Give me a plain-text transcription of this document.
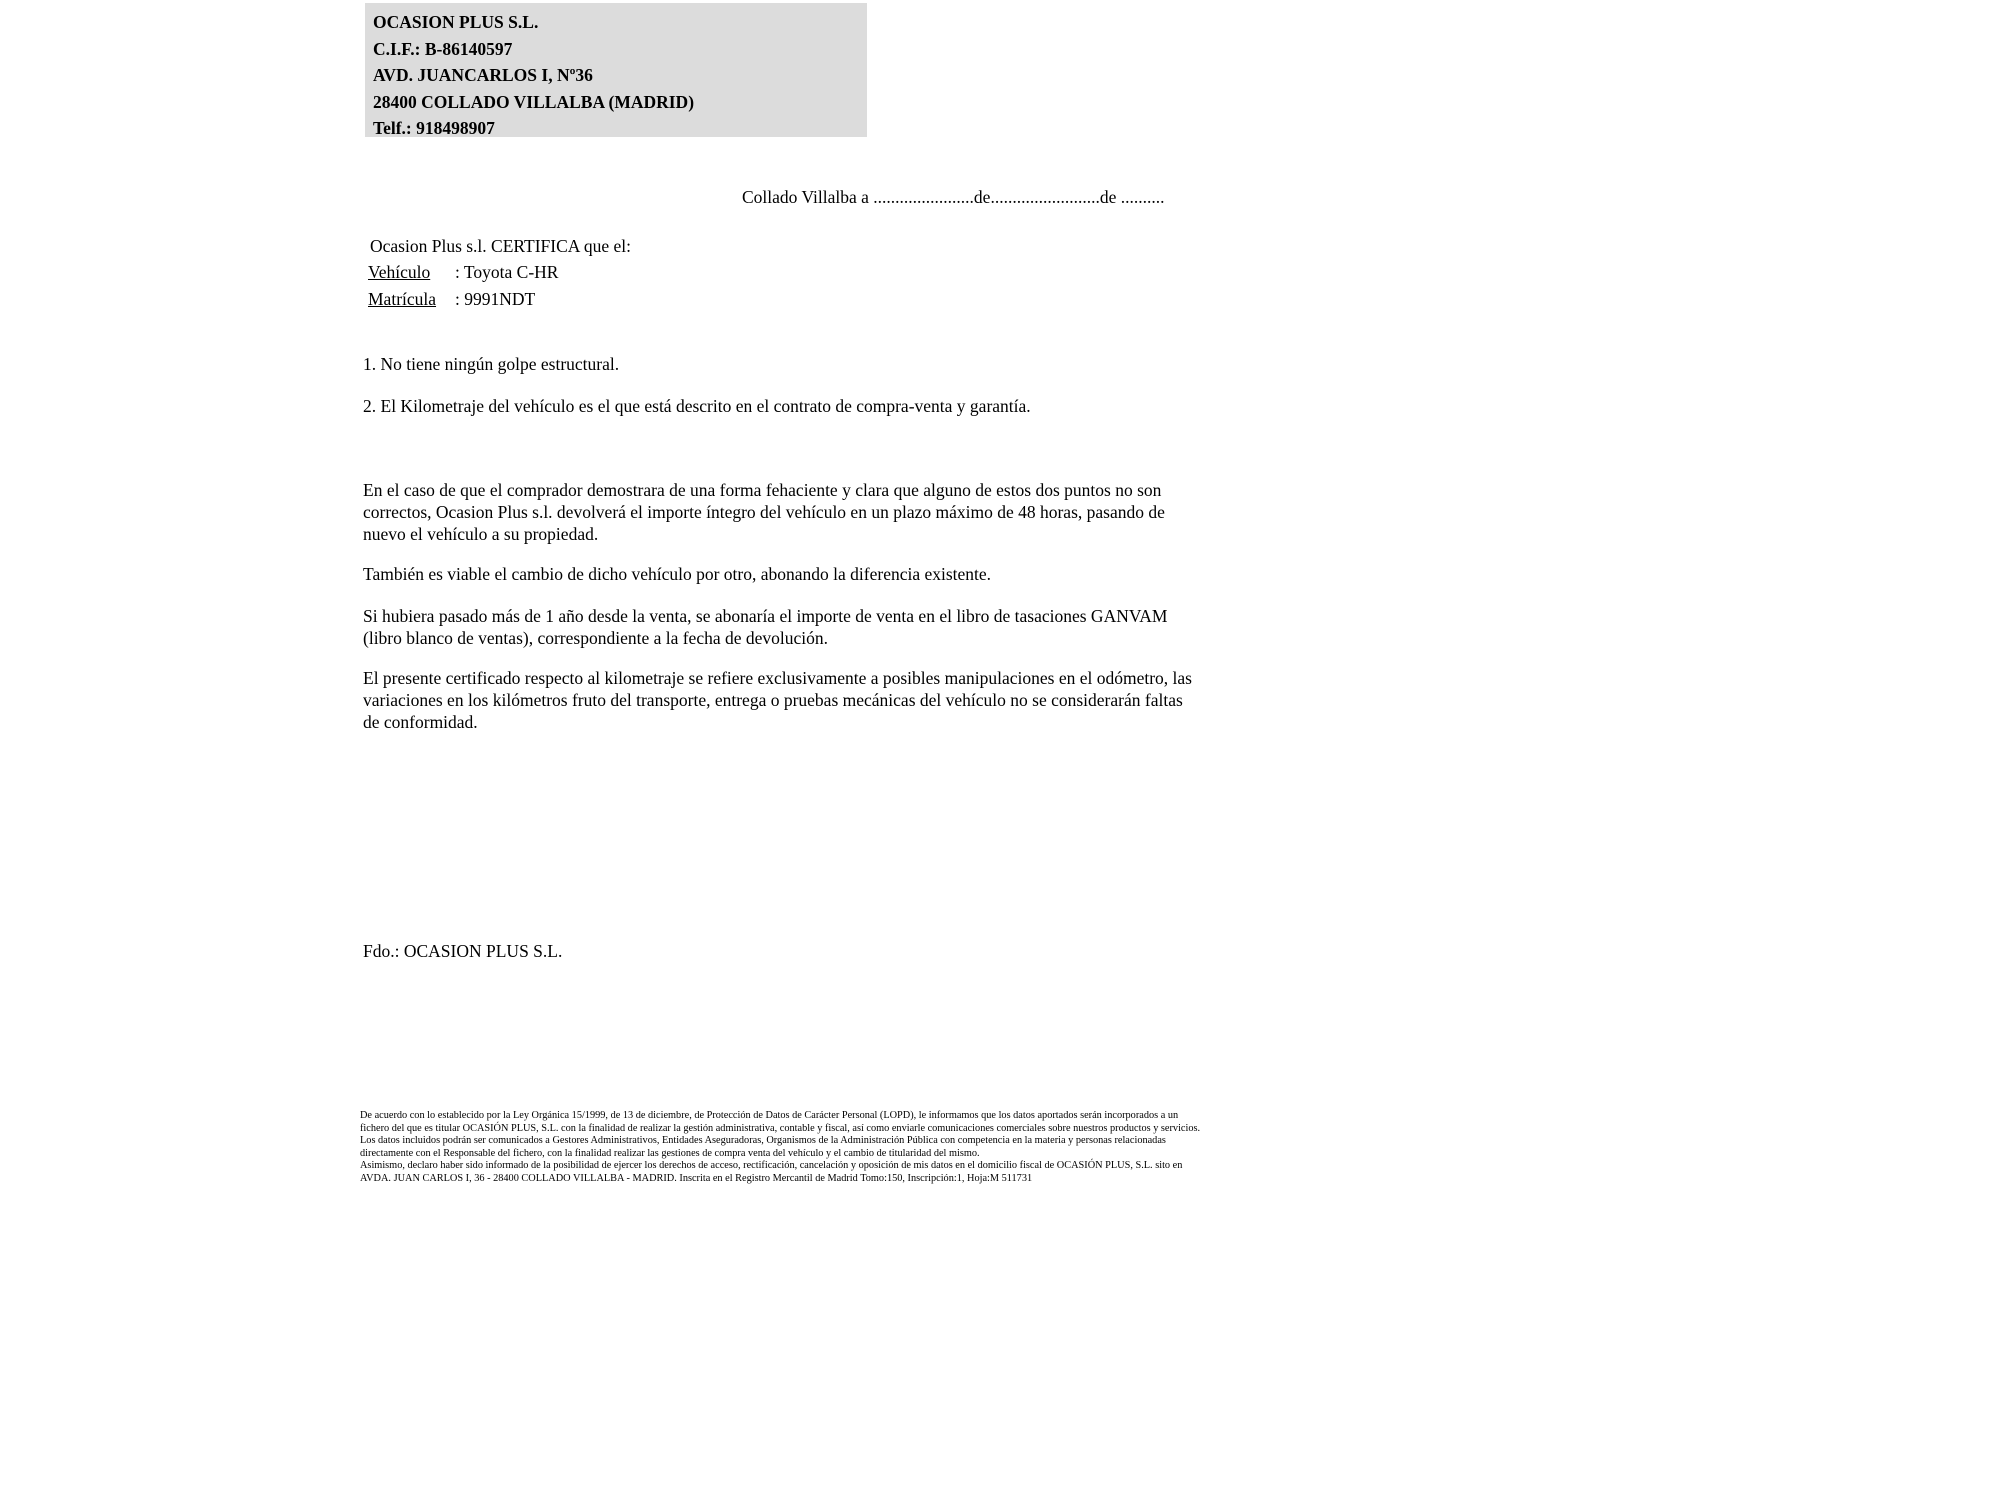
OCASION PLUS S.L.
C.I.F.: B-86140597
AVD. JUANCARLOS I, Nº36
28400 COLLADO VILLALBA (MADRID)
Telf.: 918498907
Collado Villalba a .......................de.........................de ..........
Ocasion Plus s.l. CERTIFICA que el:
Vehículo : Toyota C-HR
Matrícula : 9991NDT
1. No tiene ningún golpe estructural.
2. El Kilometraje del vehículo es el que está descrito en el contrato de compra-venta y garantía.
En el caso de que el comprador demostrara de una forma fehaciente y clara que alguno de estos dos puntos no son correctos, Ocasion Plus s.l. devolverá el importe íntegro del vehículo en un plazo máximo de 48 horas, pasando de nuevo el vehículo a su propiedad.
También es viable el cambio de dicho vehículo por otro, abonando la diferencia existente.
Si hubiera pasado más de 1 año desde la venta, se abonaría el importe de venta en el libro de tasaciones GANVAM (libro blanco de ventas), correspondiente a la fecha de devolución.
El presente certificado respecto al kilometraje se refiere exclusivamente a posibles manipulaciones en el odómetro, las variaciones en los kilómetros fruto del transporte, entrega o pruebas mecánicas del vehículo no se considerarán faltas de conformidad.
Fdo.: OCASION PLUS S.L.

De acuerdo con lo establecido por la Ley Orgánica 15/1999, de 13 de diciembre, de Protección de Datos de Carácter Personal (LOPD), le informamos que los datos aportados serán incorporados a un fichero del que es titular OCASIÓN PLUS, S.L. con la finalidad de realizar la gestión administrativa, contable y fiscal, así como enviarle comunicaciones comerciales sobre nuestros productos y servicios.

Los datos incluidos podrán ser comunicados a Gestores Administrativos, Entidades Aseguradoras, Organismos de la Administración Pública con competencia en la materia y personas relacionadas directamente con el Responsable del fichero, con la finalidad realizar las gestiones de compra venta del vehículo y el cambio de titularidad del mismo.

Asimismo, declaro haber sido informado de la posibilidad de ejercer los derechos de acceso, rectificación, cancelación y oposición de mis datos en el domicilio fiscal de OCASIÓN PLUS, S.L. sito en AVDA. JUAN CARLOS I, 36 - 28400 COLLADO VILLALBA - MADRID. Inscrita en el Registro Mercantil de Madrid Tomo:150, Inscripción:1, Hoja:M 511731
